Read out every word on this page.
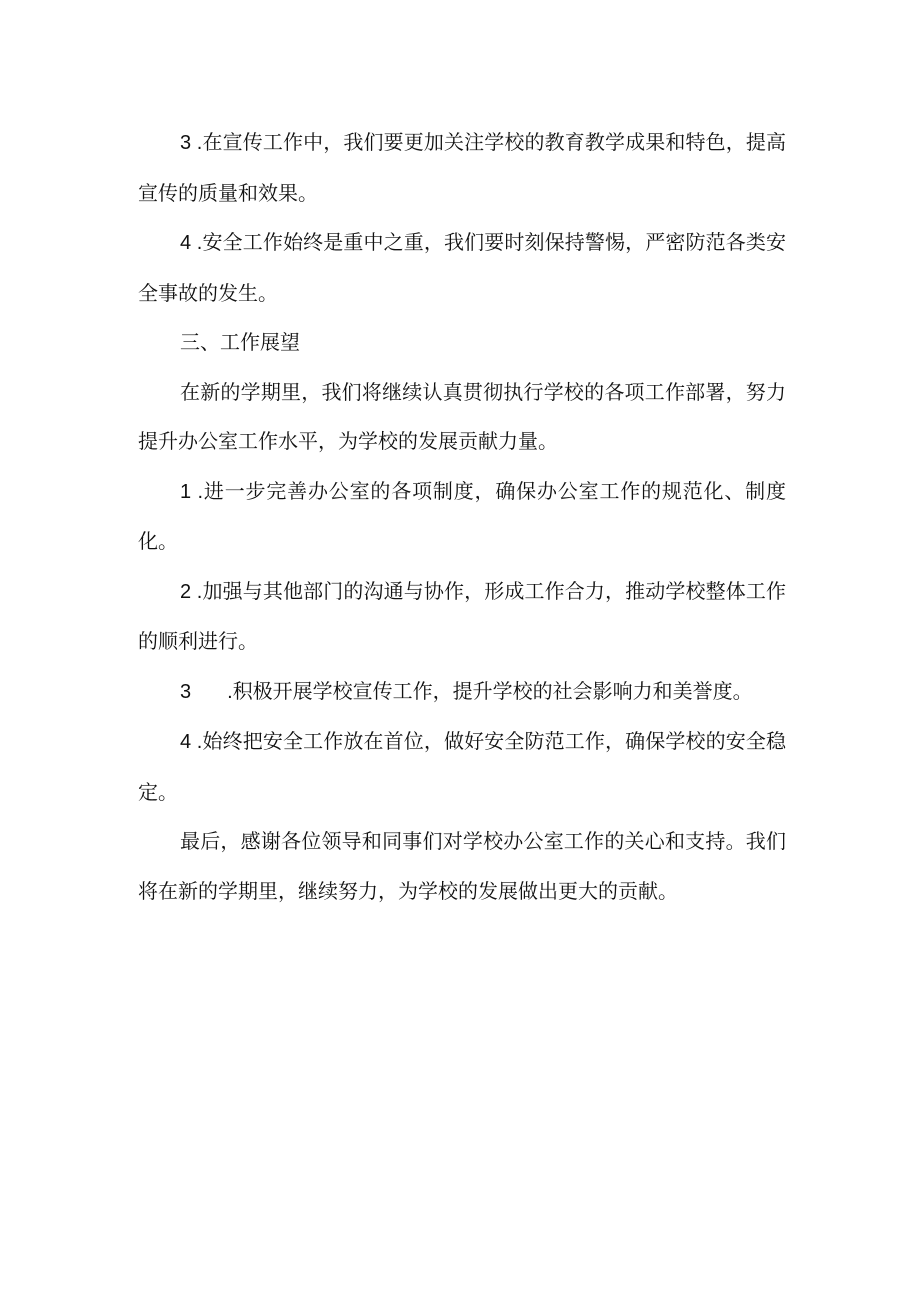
3 .在宣传工作中，我们要更加关注学校的教育教学成果和特色，提高宣传的质量和效果。

4 .安全工作始终是重中之重，我们要时刻保持警惕，严密防范各类安全事故的发生。

三、工作展望

在新的学期里，我们将继续认真贯彻执行学校的各项工作部署，努力提升办公室工作水平，为学校的发展贡献力量。

1 .进一步完善办公室的各项制度，确保办公室工作的规范化、制度化。

2 .加强与其他部门的沟通与协作，形成工作合力，推动学校整体工作的顺利进行。

3 .积极开展学校宣传工作，提升学校的社会影响力和美誉度。

4 .始终把安全工作放在首位，做好安全防范工作，确保学校的安全稳定。

最后，感谢各位领导和同事们对学校办公室工作的关心和支持。我们将在新的学期里，继续努力，为学校的发展做出更大的贡献。
